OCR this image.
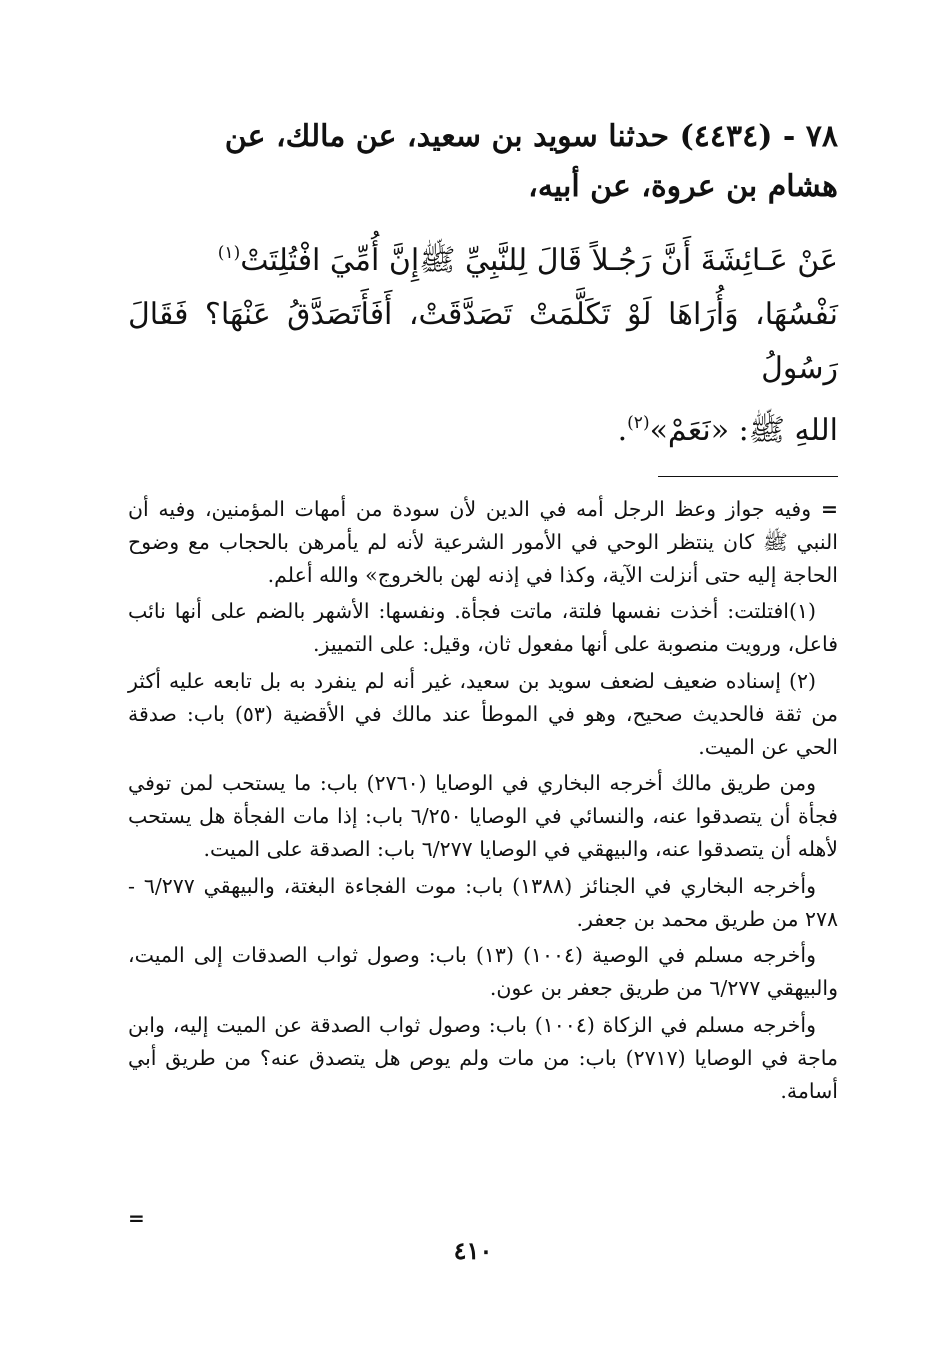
٧٨ - (٤٤٣٤) حدثنا سويد بن سعيد، عن مالك، عن

هشام بن عروة، عن أبيه،

عَنْ عَـائِشَةَ أَنَّ رَجُـلاً قَالَ لِلنَّبِيِّ ﷺإِنَّ أُمِّيَ افْتُلِتَتْ$^{(١)}$

نَفْسُهَا، وَأُرَاهَا لَوْ تَكَلَّمَتْ تَصَدَّقَتْ، أَفَأَتَصَدَّقُ عَنْهَا؟ فَقَالَ رَسُولُ

اللهِ ﷺ: «نَعَمْ»$^{(٢)}$.

= وفيه جواز وعظ الرجل أمه في الدين لأن سودة من أمهات المؤمنين، وفيه أن النبي ﷺ كان ينتظر الوحي في الأمور الشرعية لأنه لم يأمرهن بالحجاب مع وضوح الحاجة إليه حتى أنزلت الآية، وكذا في إذنه لهن بالخروج» والله أعلم.

(١)افتلتت: أخذت نفسها فلتة، ماتت فجأة. ونفسها: الأشهر بالضم على أنها نائب فاعل، ورويت منصوبة على أنها مفعول ثان، وقيل: على التمييز.

(٢) إسناده ضعيف لضعف سويد بن سعيد، غير أنه لم ينفرد به بل تابعه عليه أكثر من ثقة فالحديث صحيح، وهو في الموطأ عند مالك في الأقضية (٥٣) باب: صدقة الحي عن الميت.

ومن طريق مالك أخرجه البخاري في الوصايا (٢٧٦٠) باب: ما يستحب لمن توفي فجأة أن يتصدقوا عنه، والنسائي في الوصايا ٦/٢٥٠ باب: إذا مات الفجأة هل يستحب لأهله أن يتصدقوا عنه، والبيهقي في الوصايا ٦/٢٧٧ باب: الصدقة على الميت.

وأخرجه البخاري في الجنائز (١٣٨٨) باب: موت الفجاءة البغتة، والبيهقي ٦/٢٧٧ - ٢٧٨ من طريق محمد بن جعفر.

وأخرجه مسلم في الوصية (١٠٠٤) (١٣) باب: وصول ثواب الصدقات إلى الميت، والبيهقي ٦/٢٧٧ من طريق جعفر بن عون.

وأخرجه مسلم في الزكاة (١٠٠٤) باب: وصول ثواب الصدقة عن الميت إليه، وابن ماجة في الوصايا (٢٧١٧) باب: من مات ولم يوص هل يتصدق عنه؟ من طريق أبي أسامة.

=
٤١٠
